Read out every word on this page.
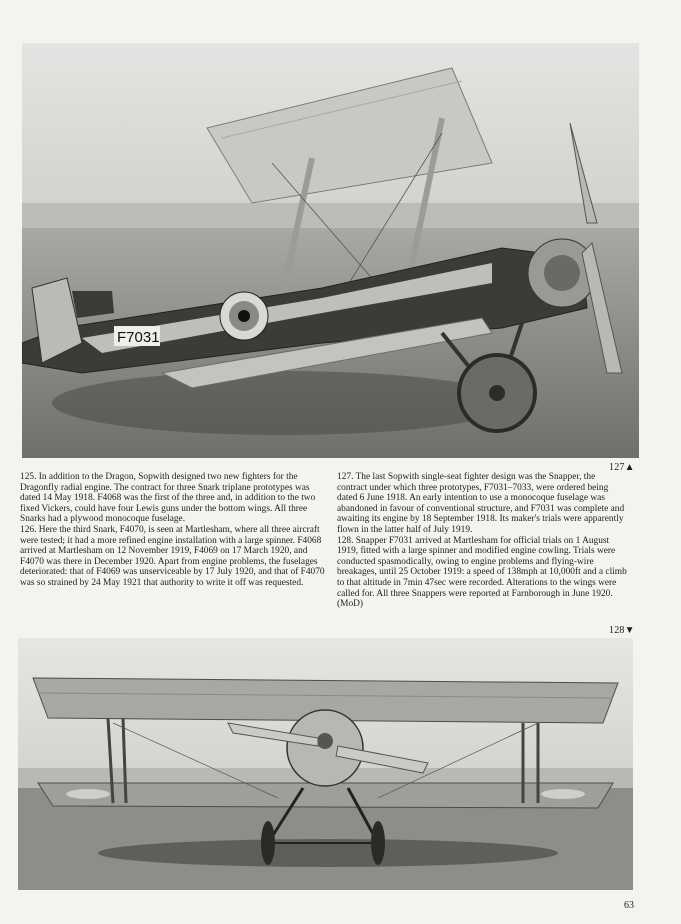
F7031
127▲

125. In addition to the Dragon, Sopwith designed two new fighters for the Dragonfly radial engine. The contract for three Snark triplane prototypes was dated 14 May 1918. F4068 was the first of the three and, in addition to the two fixed Vickers, could have four Lewis guns under the bottom wings. All three Snarks had a plywood monocoque fuselage.

126. Here the third Snark, F4070, is seen at Martlesham, where all three aircraft were tested; it had a more refined engine installation with a large spinner. F4068 arrived at Martlesham on 12 November 1919, F4069 on 17 March 1920, and F4070 was there in December 1920. Apart from engine problems, the fuselages deteriorated: that of F4069 was unserviceable by 17 July 1920, and that of F4070 was so strained by 24 May 1921 that authority to write it off was requested.

127. The last Sopwith single-seat fighter design was the Snapper, the contract under which three prototypes, F7031–7033, were ordered being dated 6 June 1918. An early intention to use a monocoque fuselage was abandoned in favour of conventional structure, and F7031 was complete and awaiting its engine by 18 September 1918. Its maker's trials were apparently flown in the latter half of July 1919.

128. Snapper F7031 arrived at Martlesham for official trials on 1 August 1919, fitted with a large spinner and modified engine cowling. Trials were conducted spasmodically, owing to engine problems and flying-wire breakages, until 25 October 1919: a speed of 138mph at 10,000ft and a climb to that altitude in 7min 47sec were recorded. Alterations to the wings were called for. All three Snappers were reported at Farnborough in June 1920. (MoD)

128▼
63
